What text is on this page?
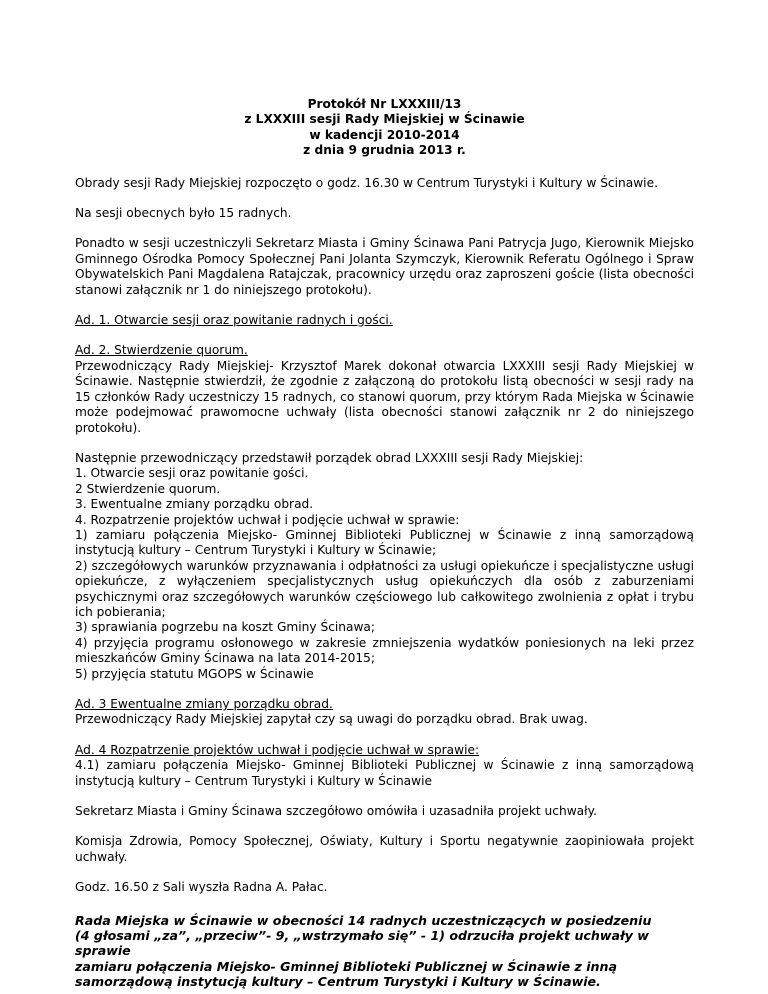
Protokół Nr LXXXIII/13
z LXXXIII sesji Rady Miejskiej w Ścinawie
w kadencji 2010-2014
z dnia 9 grudnia 2013 r.

Obrady sesji Rady Miejskiej rozpoczęto o godz. 16.30 w Centrum Turystyki i Kultury w Ścinawie.

Na sesji obecnych było 15 radnych.

Ponadto w sesji uczestniczyli Sekretarz Miasta i Gminy Ścinawa Pani Patrycja Jugo, Kierownik Miejsko Gminnego Ośrodka Pomocy Społecznej Pani Jolanta Szymczyk, Kierownik Referatu Ogólnego i Spraw Obywatelskich Pani Magdalena Ratajczak, pracownicy urzędu oraz zaproszeni goście (lista obecności stanowi załącznik nr 1 do niniejszego protokołu).

Ad. 1. Otwarcie sesji oraz powitanie radnych i gości.

Ad. 2. Stwierdzenie quorum.
Przewodniczący Rady Miejskiej- Krzysztof Marek dokonał otwarcia LXXXIII sesji Rady Miejskiej w Ścinawie. Następnie stwierdził, że zgodnie z załączoną do protokołu listą obecności w sesji rady na 15 członków Rady uczestniczy 15 radnych, co stanowi quorum, przy którym Rada Miejska w Ścinawie może podejmować prawomocne uchwały (lista obecności stanowi załącznik nr 2 do niniejszego protokołu).

Następnie przewodniczący przedstawił porządek obrad LXXXIII sesji Rady Miejskiej:
1. Otwarcie sesji oraz powitanie gości.
2 Stwierdzenie quorum.
3. Ewentualne zmiany porządku obrad.
4. Rozpatrzenie projektów uchwał i podjęcie uchwał w sprawie:
1) zamiaru połączenia Miejsko- Gminnej Biblioteki Publicznej w Ścinawie z inną samorządową instytucją kultury – Centrum Turystyki i Kultury w Ścinawie;
2) szczegółowych warunków przyznawania i odpłatności za usługi opiekuńcze i specjalistyczne usługi opiekuńcze, z wyłączeniem specjalistycznych usług opiekuńczych dla osób z zaburzeniami psychicznymi oraz szczegółowych warunków częściowego lub całkowitego zwolnienia z opłat i trybu ich pobierania;
3) sprawiania pogrzebu na koszt Gminy Ścinawa;
4) przyjęcia programu osłonowego w zakresie zmniejszenia wydatków poniesionych na leki przez mieszkańców Gminy Ścinawa na lata 2014-2015;
5) przyjęcia statutu MGOPS w Ścinawie

Ad. 3 Ewentualne zmiany porządku obrad.
Przewodniczący Rady Miejskiej zapytał czy są uwagi do porządku obrad. Brak uwag.

Ad. 4 Rozpatrzenie projektów uchwał i podjęcie uchwał w sprawie:
4.1) zamiaru połączenia Miejsko- Gminnej Biblioteki Publicznej w Ścinawie z inną samorządową instytucją kultury – Centrum Turystyki i Kultury w Ścinawie

Sekretarz Miasta i Gminy Ścinawa szczegółowo omówiła i uzasadniła projekt uchwały.

Komisja Zdrowia, Pomocy Społecznej, Oświaty, Kultury i Sportu negatywnie zaopiniowała projekt uchwały.

Godz. 16.50 z Sali wyszła Radna A. Pałac.

Rada Miejska w Ścinawie w obecności 14 radnych uczestniczących w posiedzeniu
(4 głosami „za”, „przeciw”- 9, „wstrzymało się” - 1) odrzuciła projekt uchwały w sprawie
zamiaru połączenia Miejsko- Gminnej Biblioteki Publicznej w Ścinawie z inną
samorządową instytucją kultury – Centrum Turystyki i Kultury w Ścinawie.
